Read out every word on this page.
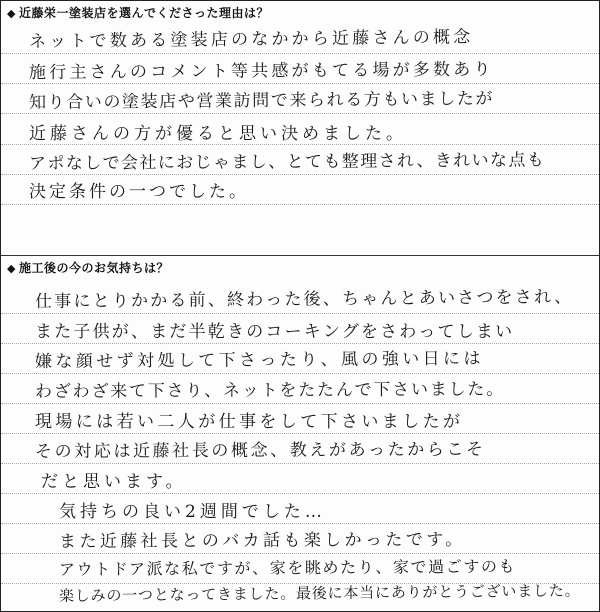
◆ 近藤栄一塗装店を選んでくださった理由は？
ネットで数ある塗装店のなかから近藤さんの概念
施行主さんのコメント等共感がもてる場が多数あり
知り合いの塗装店や営業訪問で来られる方もいましたが
近藤さんの方が優ると思い決めました。
アポなしで会社におじゃまし、とても整理され、きれいな点も
決定条件の一つでした。
◆ 施工後の今のお気持ちは？
仕事にとりかかる前、終わった後、ちゃんとあいさつをされ、
また子供が、まだ半乾きのコーキングをさわってしまい
嫌な顔せず対処して下さったり、風の強い日には
わざわざ来て下さり、ネットをたたんで下さいました。
現場には若い二人が仕事をして下さいましたが
その対応は近藤社長の概念、教えがあったからこそ
だと思います。
気持ちの良い2週間でした…
また近藤社長とのバカ話も楽しかったです。
アウトドア派な私ですが、家を眺めたり、家で過ごすのも
楽しみの一つとなってきました。最後に本当にありがとうございました。
